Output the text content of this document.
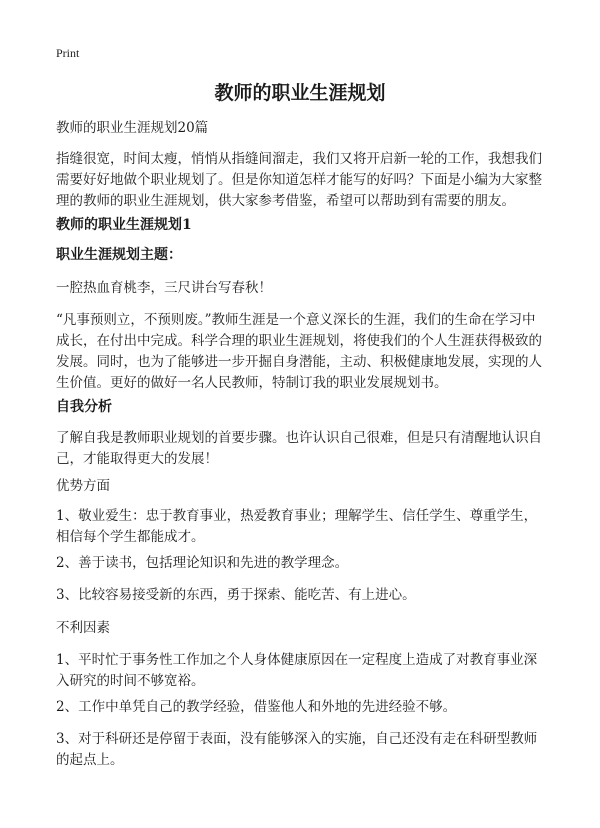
Print
教师的职业生涯规划

教师的职业生涯规划20篇

指缝很宽，时间太瘦，悄悄从指缝间溜走，我们又将开启新一轮的工作，我想我们需要好好地做个职业规划了。但是你知道怎样才能写的好吗？下面是小编为大家整理的教师的职业生涯规划，供大家参考借鉴，希望可以帮助到有需要的朋友。

教师的职业生涯规划1

职业生涯规划主题：

一腔热血育桃李，三尺讲台写春秋！

“凡事预则立，不预则废。”教师生涯是一个意义深长的生涯，我们的生命在学习中成长，在付出中完成。科学合理的职业生涯规划，将使我们的个人生涯获得极致的发展。同时，也为了能够进一步开掘自身潜能，主动、积极健康地发展，实现的人生价值。更好的做好一名人民教师，特制订我的职业发展规划书。

自我分析

了解自我是教师职业规划的首要步骤。也许认识自己很难，但是只有清醒地认识自己，才能取得更大的发展！

优势方面

1、敬业爱生：忠于教育事业，热爱教育事业；理解学生、信任学生、尊重学生，相信每个学生都能成才。

2、善于读书，包括理论知识和先进的教学理念。

3、比较容易接受新的东西，勇于探索、能吃苦、有上进心。

不利因素

1、平时忙于事务性工作加之个人身体健康原因在一定程度上造成了对教育事业深入研究的时间不够宽裕。

2、工作中单凭自己的教学经验，借鉴他人和外地的先进经验不够。

3、对于科研还是停留于表面，没有能够深入的实施，自己还没有走在科研型教师的起点上。
